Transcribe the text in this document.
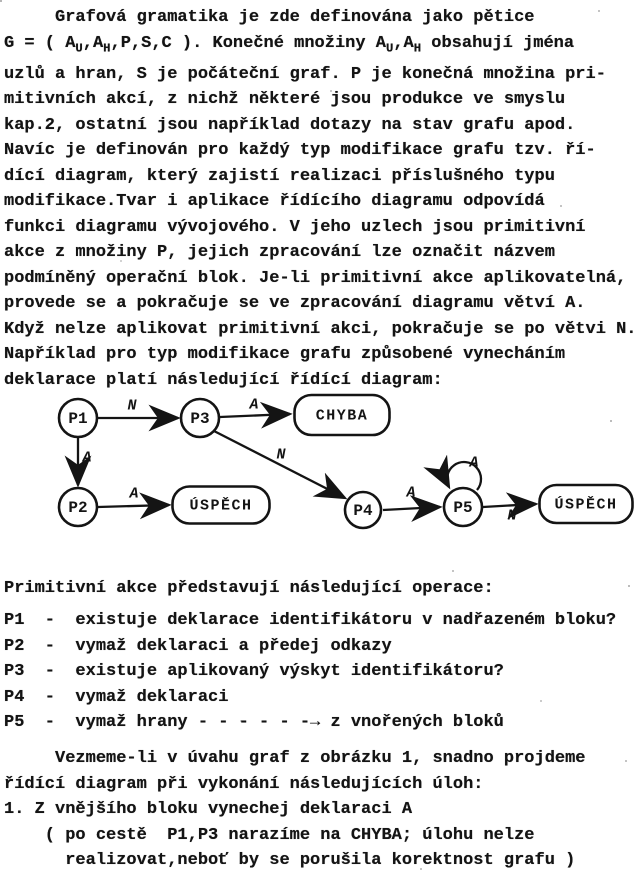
Grafová gramatika je zde definována jako pětice
G = ( $A_U,A_H,P,S,C$ ). Konečné množiny $A_U,A_H$ obsahují jména
uzlů a hran, S je počáteční graf. P je konečná množina pri-
mitivních akcí, z nichž některé jsou produkce ve smyslu
kap.2, ostatní jsou například dotazy na stav grafu apod.
Navíc je definován pro každý typ modifikace grafu tzv. ří-
dící diagram, který zajistí realizaci příslušného typu
modifikace.Tvar i aplikace řídícího diagramu odpovídá
funkci diagramu vývojového. V jeho uzlech jsou primitivní
akce z množiny P, jejich zpracování lze označit názvem
podmíněný operační blok. Je-li primitivní akce aplikovatelná,
provede se a pokračuje se ve zpracování diagramu větví A.
Když nelze aplikovat primitivní akci, pokračuje se po větvi N.
Například pro typ modifikace grafu způsobené vynecháním
deklarace platí následující řídící diagram:
N	A
A
A
N
A
A
N
P1	P3	CHYBA
P2	ÚSPĚCH	P4	P5	ÚSPĚCH
Primitivní akce představují následující operace:
P1  -  existuje deklarace identifikátoru v nadřazeném bloku?
P2  -  vymaž deklaraci a předej odkazy
P3  -  existuje aplikovaný výskyt identifikátoru?
P4  -  vymaž deklaraci
P5  -  vymaž hrany - - - - - -→ z vnořených bloků
Vezmeme-li v úvahu graf z obrázku 1, snadno projdeme
řídící diagram při vykonání následujících úloh:
1. Z vnějšího bloku vynechej deklaraci A
( po cestě  P1,P3 narazíme na CHYBA; úlohu nelze
realizovat,neboť by se porušila korektnost grafu )
